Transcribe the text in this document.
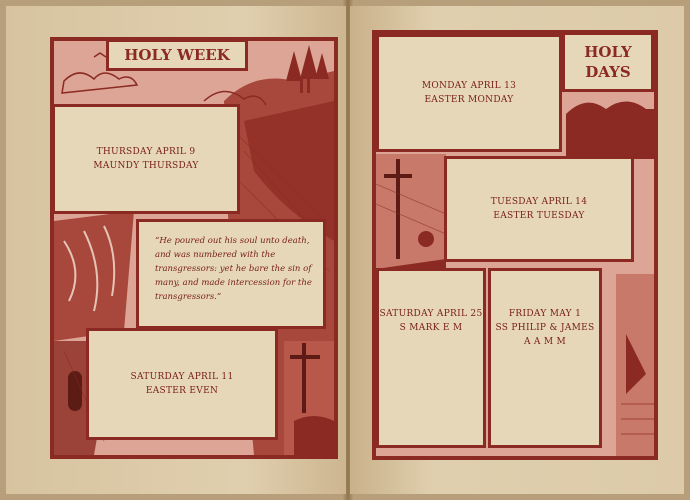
HOLY WEEK
THURSDAY APRIL 9
MAUNDY THURSDAY
“He poured out his soul unto death, and was numbered with the transgressors: yet he bare the sin of many, and made intercession for the transgressors.”
SATURDAY APRIL 11
EASTER EVEN
HOLY
DAYS
MONDAY APRIL 13
EASTER MONDAY
TUESDAY APRIL 14
EASTER TUESDAY
SATURDAY APRIL 25
S MARK E M
FRIDAY MAY 1
SS PHILIP & JAMES
A A M M
